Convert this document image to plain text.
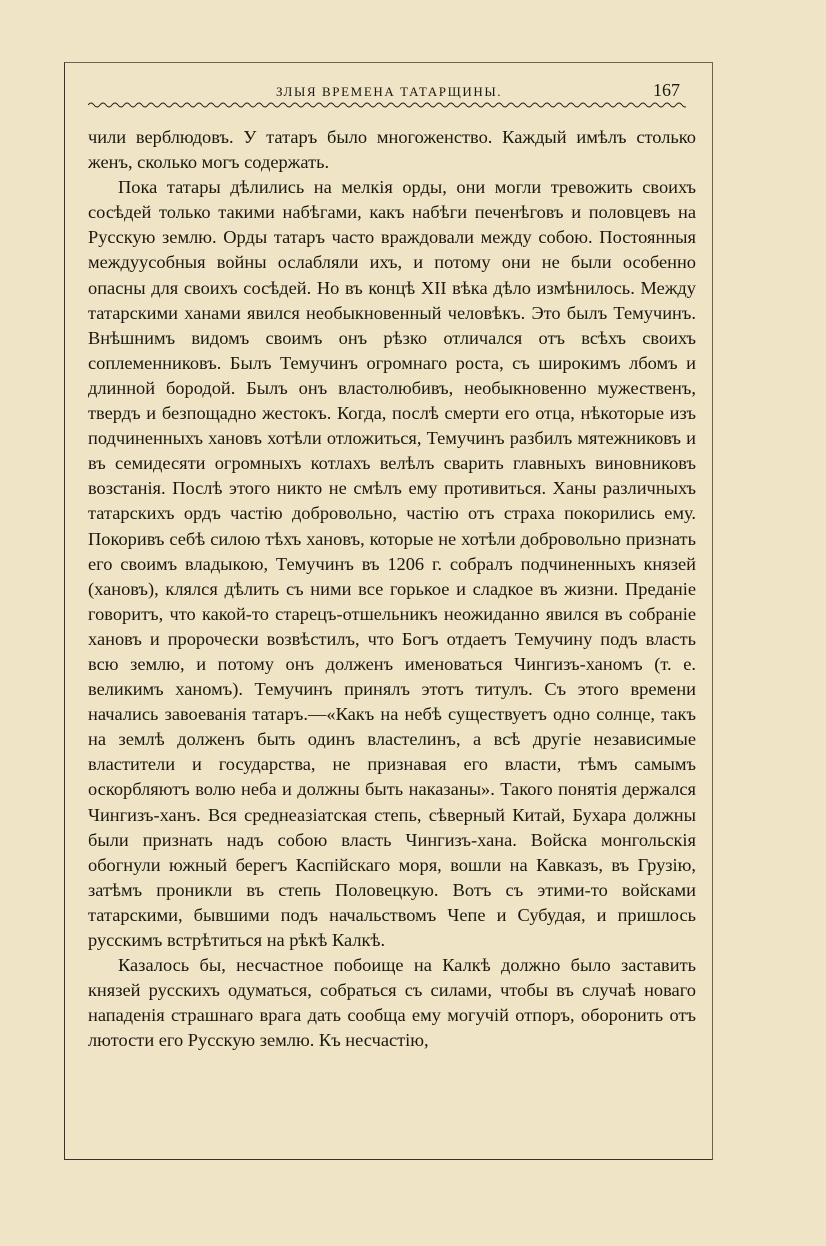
ЗЛЫЯ ВРЕМЕНА ТАТАРЩИНЫ.	167

чили верблюдовъ. У татаръ было многоженство. Каждый имѣлъ столько женъ, сколько могъ содержать.

Пока татары дѣлились на мелкія орды, они могли тревожить своихъ сосѣдей только такими набѣгами, какъ набѣги печенѣговъ и половцевъ на Русскую землю. Орды татаръ часто враждовали между собою. Постоянныя междуусобныя войны ослабляли ихъ, и потому они не были особенно опасны для своихъ сосѣдей. Но въ концѣ XII вѣка дѣло измѣнилось. Между татарскими ханами явился необыкновенный человѣкъ. Это былъ Темучинъ. Внѣшнимъ видомъ своимъ онъ рѣзко отличался отъ всѣхъ своихъ соплеменниковъ. Былъ Темучинъ огромнаго роста, съ широкимъ лбомъ и длинной бородой. Былъ онъ властолюбивъ, необыкновенно мужественъ, твердъ и безпощадно жестокъ. Когда, послѣ смерти его отца, нѣкоторые изъ подчиненныхъ хановъ хотѣли отложиться, Темучинъ разбилъ мятежниковъ и въ семидесяти огромныхъ котлахъ велѣлъ сварить главныхъ виновниковъ возстанія. Послѣ этого никто не смѣлъ ему противиться. Ханы различныхъ татарскихъ ордъ частію добровольно, частію отъ страха покорились ему. Покоривъ себѣ силою тѣхъ хановъ, которые не хотѣли добровольно признать его своимъ владыкою, Темучинъ въ 1206 г. собралъ подчиненныхъ князей (хановъ), клялся дѣлить съ ними все горькое и сладкое въ жизни. Преданіе говоритъ, что какой-то старецъ-отшельникъ неожиданно явился въ собраніе хановъ и пророчески возвѣстилъ, что Богъ отдаетъ Темучину подъ власть всю землю, и потому онъ долженъ именоваться Чингизъ-ханомъ (т. е. великимъ ханомъ). Темучинъ принялъ этотъ титулъ. Съ этого времени начались завоеванія татаръ.—«Какъ на небѣ существуетъ одно солнце, такъ на землѣ долженъ быть одинъ властелинъ, а всѣ другіе независимые властители и государства, не признавая его власти, тѣмъ самымъ оскорбляютъ волю неба и должны быть наказаны». Такого понятія держался Чингизъ-ханъ. Вся среднеазіатская степь, сѣверный Китай, Бухара должны были признать надъ собою власть Чингизъ-хана. Войска монгольскія обогнули южный берегъ Каспійскаго моря, вошли на Кавказъ, въ Грузію, затѣмъ проникли въ степь Половецкую. Вотъ съ этими-то войсками татарскими, бывшими подъ начальствомъ Чепе и Субудая, и пришлось русскимъ встрѣтиться на рѣкѣ Калкѣ.

Казалось бы, несчастное побоище на Калкѣ должно было заставить князей русскихъ одуматься, собраться съ силами, чтобы въ случаѣ новаго нападенія страшнаго врага дать сообща ему могучій отпоръ, оборонить отъ лютости его Русскую землю. Къ несчастію,
